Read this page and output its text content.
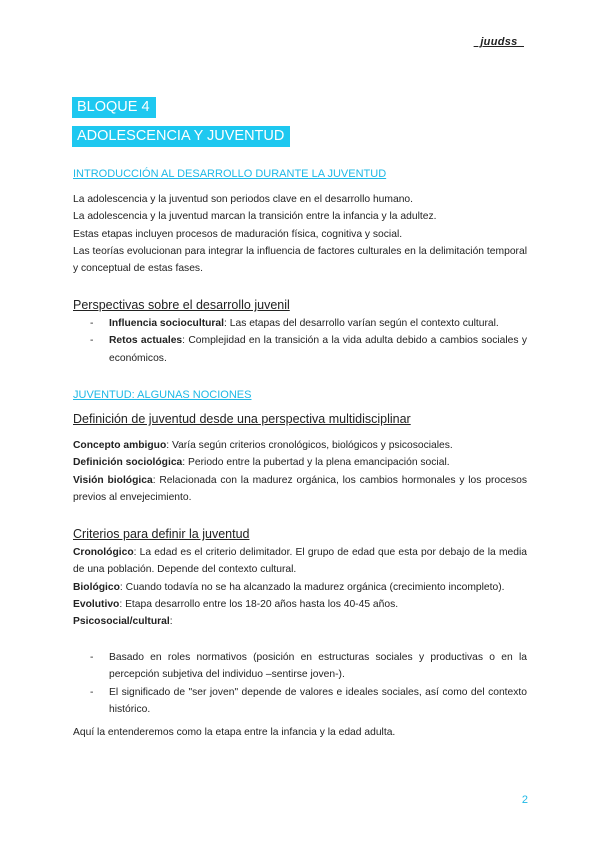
_juudss_
BLOQUE 4
ADOLESCENCIA Y JUVENTUD
INTRODUCCIÓN AL DESARROLLO DURANTE LA JUVENTUD

La adolescencia y la juventud son periodos clave en el desarrollo humano.

La adolescencia y la juventud marcan la transición entre la infancia y la adultez.

Estas etapas incluyen procesos de maduración física, cognitiva y social.

Las teorías evolucionan para integrar la influencia de factores culturales en la delimitación temporal y conceptual de estas fases.

Perspectivas sobre el desarrollo juvenil
- Influencia sociocultural: Las etapas del desarrollo varían según el contexto cultural.
- Retos actuales: Complejidad en la transición a la vida adulta debido a cambios sociales y económicos.
JUVENTUD: ALGUNAS NOCIONES
Definición de juventud desde una perspectiva multidisciplinar

Concepto ambiguo: Varía según criterios cronológicos, biológicos y psicosociales.

Definición sociológica: Periodo entre la pubertad y la plena emancipación social.

Visión biológica: Relacionada con la madurez orgánica, los cambios hormonales y los procesos previos al envejecimiento.

Criterios para definir la juventud

Cronológico: La edad es el criterio delimitador. El grupo de edad que esta por debajo de la media de una población. Depende del contexto cultural.

Biológico: Cuando todavía no se ha alcanzado la madurez orgánica (crecimiento incompleto).

Evolutivo: Etapa desarrollo entre los 18-20 años hasta los 40-45 años.

Psicosocial/cultural:

- Basado en roles normativos (posición en estructuras sociales y productivas o en la percepción subjetiva del individuo –sentirse joven-).
- El significado de "ser joven" depende de valores e ideales sociales, así como del contexto histórico.
Aquí la entenderemos como la etapa entre la infancia y la edad adulta.
2
